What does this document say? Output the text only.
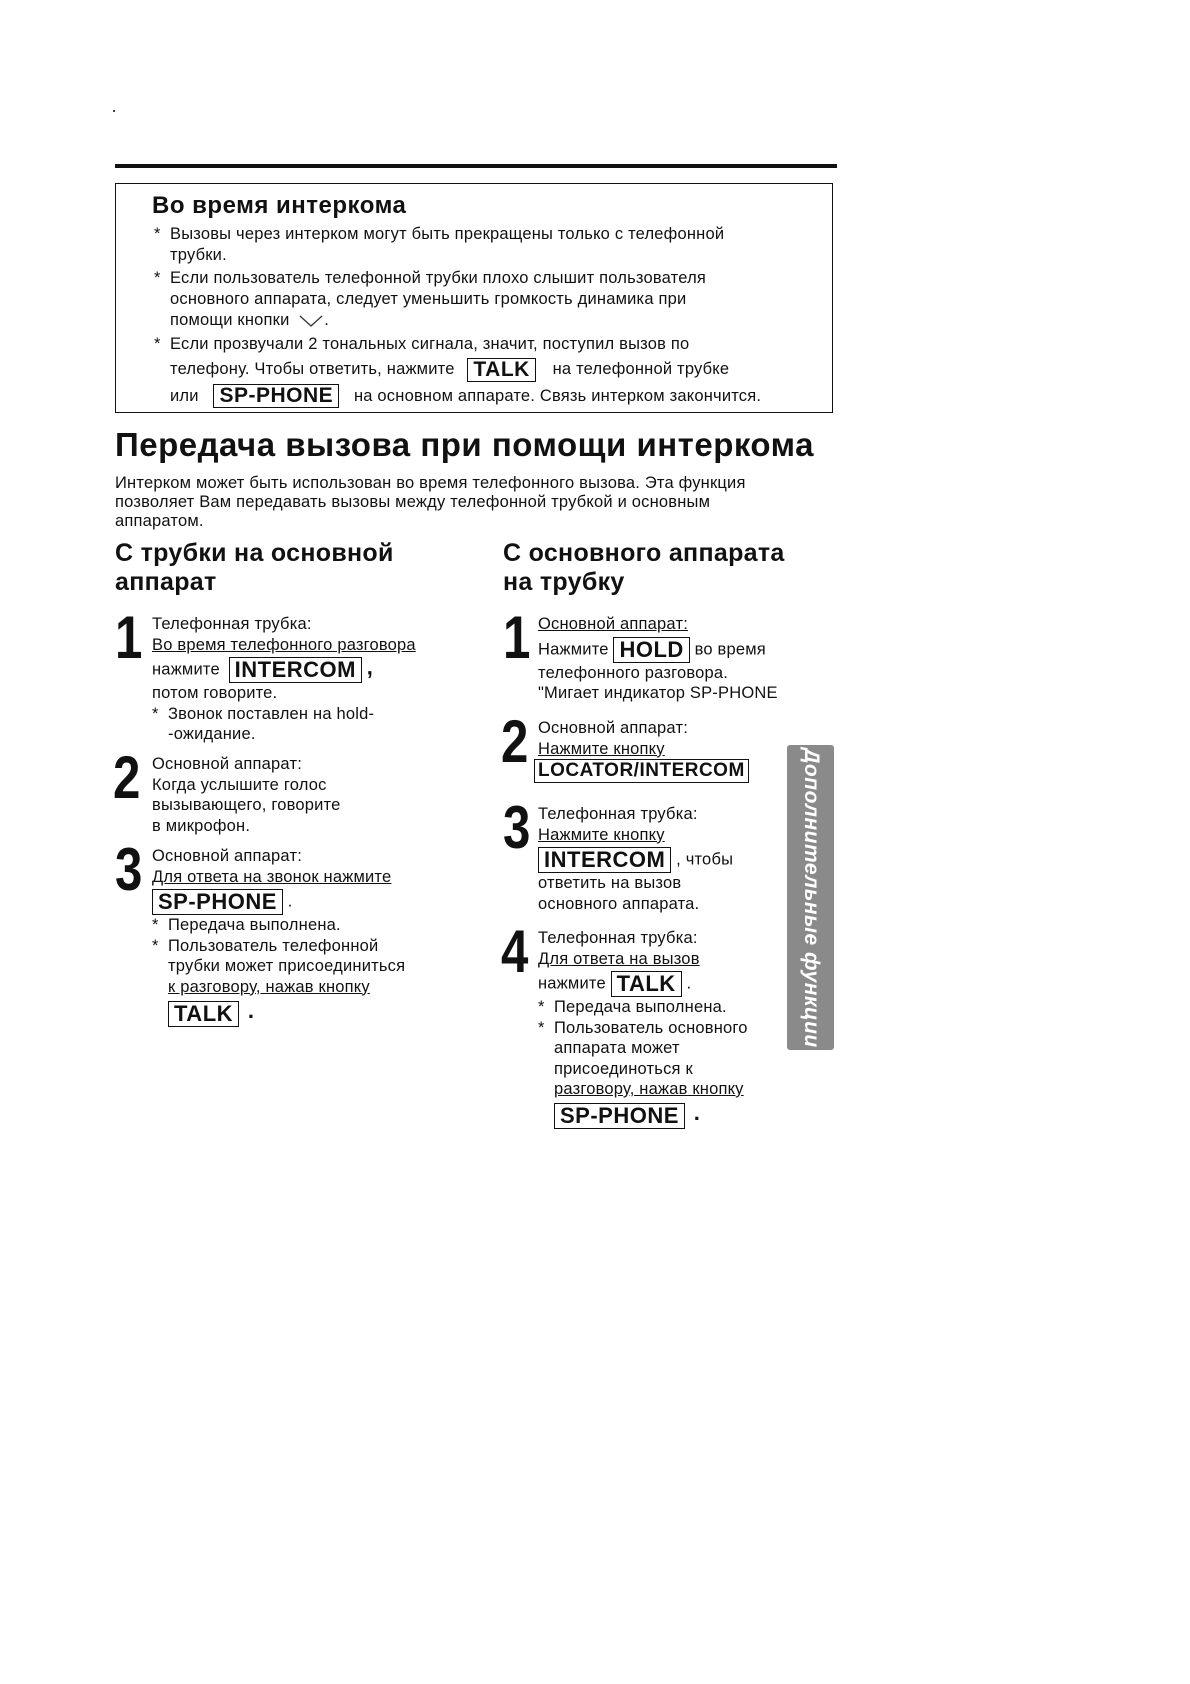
Во время интеркома
* Вызовы через интерком могут быть прекращены только с телефонной
трубки.
* Если пользователь телефонной трубки плохо слышит пользователя
основного аппарата, следует уменьшить громкость динамика при
помощи кнопки .
* Если прозвучали 2 тональных сигнала, значит, поступил вызов по
телефону. Чтобы ответить, нажмите TALK на телефонной трубке
или SP-PHONE на основном аппарате. Связь интерком закончится.
Передача вызова при помощи интеркома
Интерком может быть использован во время телефонного вызова. Эта функция
позволяет Вам передавать вызовы между телефонной трубкой и основным
аппаратом.
С трубки на основной
аппарат
1 Телефонная трубка:
Во время телефонного разговора
нажмите INTERCOM ,
потом говорите.
* Звонок поставлен на hold-
-ожидание.
2 Основной аппарат:
Когда услышите голос
вызывающего, говорите
в микрофон.
3 Основной аппарат:
Для ответа на звонок нажмите
SP-PHONE .
* Передача выполнена.
* Пользователь телефонной
трубки может присоединиться
к разговору, нажав кнопку
TALK .
С основного аппарата
на трубку
1 Основной аппарат:
Нажмите HOLD во время
телефонного разговора.
"Мигает индикатор SP-PHONE
2 Основной аппарат:
Нажмите кнопку
LOCATOR/INTERCOM
3 Телефонная трубка:
Нажмите кнопку
INTERCOM , чтобы
ответить на вызов
основного аппарата.
4 Телефонная трубка:
Для ответа на вызов
нажмите TALK .
* Передача выполнена.
* Пользователь основного
аппарата может
присоединоться к
разговору, нажав кнопку
SP-PHONE .
Дополнительные функции
